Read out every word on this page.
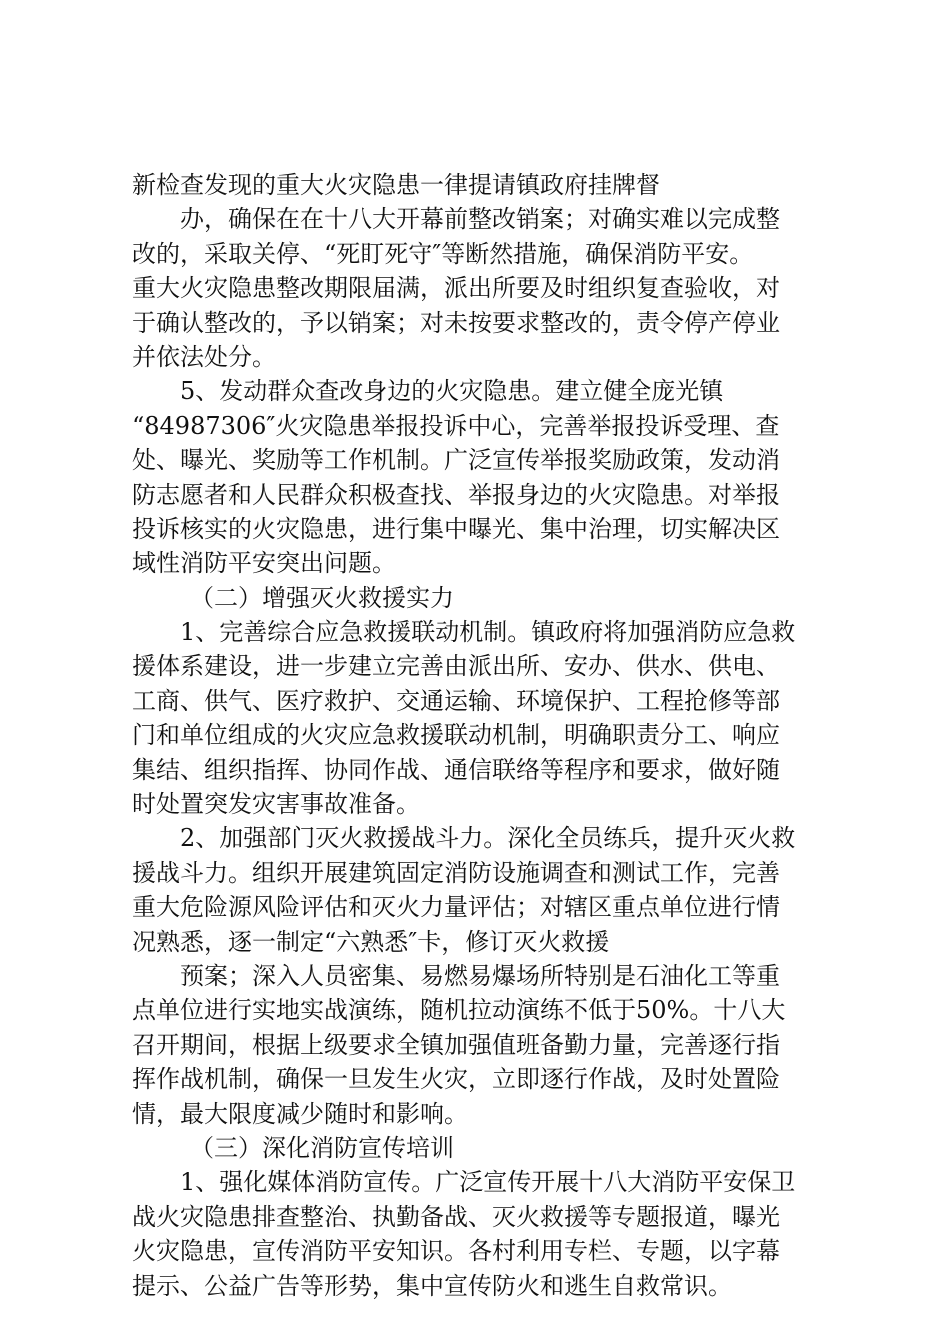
新检查发现的重大火灾隐患一律提请镇政府挂牌督
办，确保在在十八大开幕前整改销案；对确实难以完成整
改的，采取关停、“死盯死守″等断然措施，确保消防平安。
重大火灾隐患整改期限届满，派出所要及时组织复查验收，对
于确认整改的，予以销案；对未按要求整改的，责令停产停业
并依法处分。
5、发动群众查改身边的火灾隐患。建立健全庞光镇
“84987306″火灾隐患举报投诉中心，完善举报投诉受理、查
处、曝光、奖励等工作机制。广泛宣传举报奖励政策，发动消
防志愿者和人民群众积极查找、举报身边的火灾隐患。对举报
投诉核实的火灾隐患，进行集中曝光、集中治理，切实解决区
域性消防平安突出问题。
（二）增强灭火救援实力
1、完善综合应急救援联动机制。镇政府将加强消防应急救
援体系建设，进一步建立完善由派出所、安办、供水、供电、
工商、供气、医疗救护、交通运输、环境保护、工程抢修等部
门和单位组成的火灾应急救援联动机制，明确职责分工、响应
集结、组织指挥、协同作战、通信联络等程序和要求，做好随
时处置突发灾害事故准备。
2、加强部门灭火救援战斗力。深化全员练兵，提升灭火救
援战斗力。组织开展建筑固定消防设施调查和测试工作，完善
重大危险源风险评估和灭火力量评估；对辖区重点单位进行情
况熟悉，逐一制定“六熟悉″卡，修订灭火救援
预案；深入人员密集、易燃易爆场所特别是石油化工等重
点单位进行实地实战演练，随机拉动演练不低于50%。十八大
召开期间，根据上级要求全镇加强值班备勤力量，完善逐行指
挥作战机制，确保一旦发生火灾，立即逐行作战，及时处置险
情，最大限度减少随时和影响。
（三）深化消防宣传培训
1、强化媒体消防宣传。广泛宣传开展十八大消防平安保卫
战火灾隐患排查整治、执勤备战、灭火救援等专题报道，曝光
火灾隐患，宣传消防平安知识。各村利用专栏、专题，以字幕
提示、公益广告等形势，集中宣传防火和逃生自救常识。
